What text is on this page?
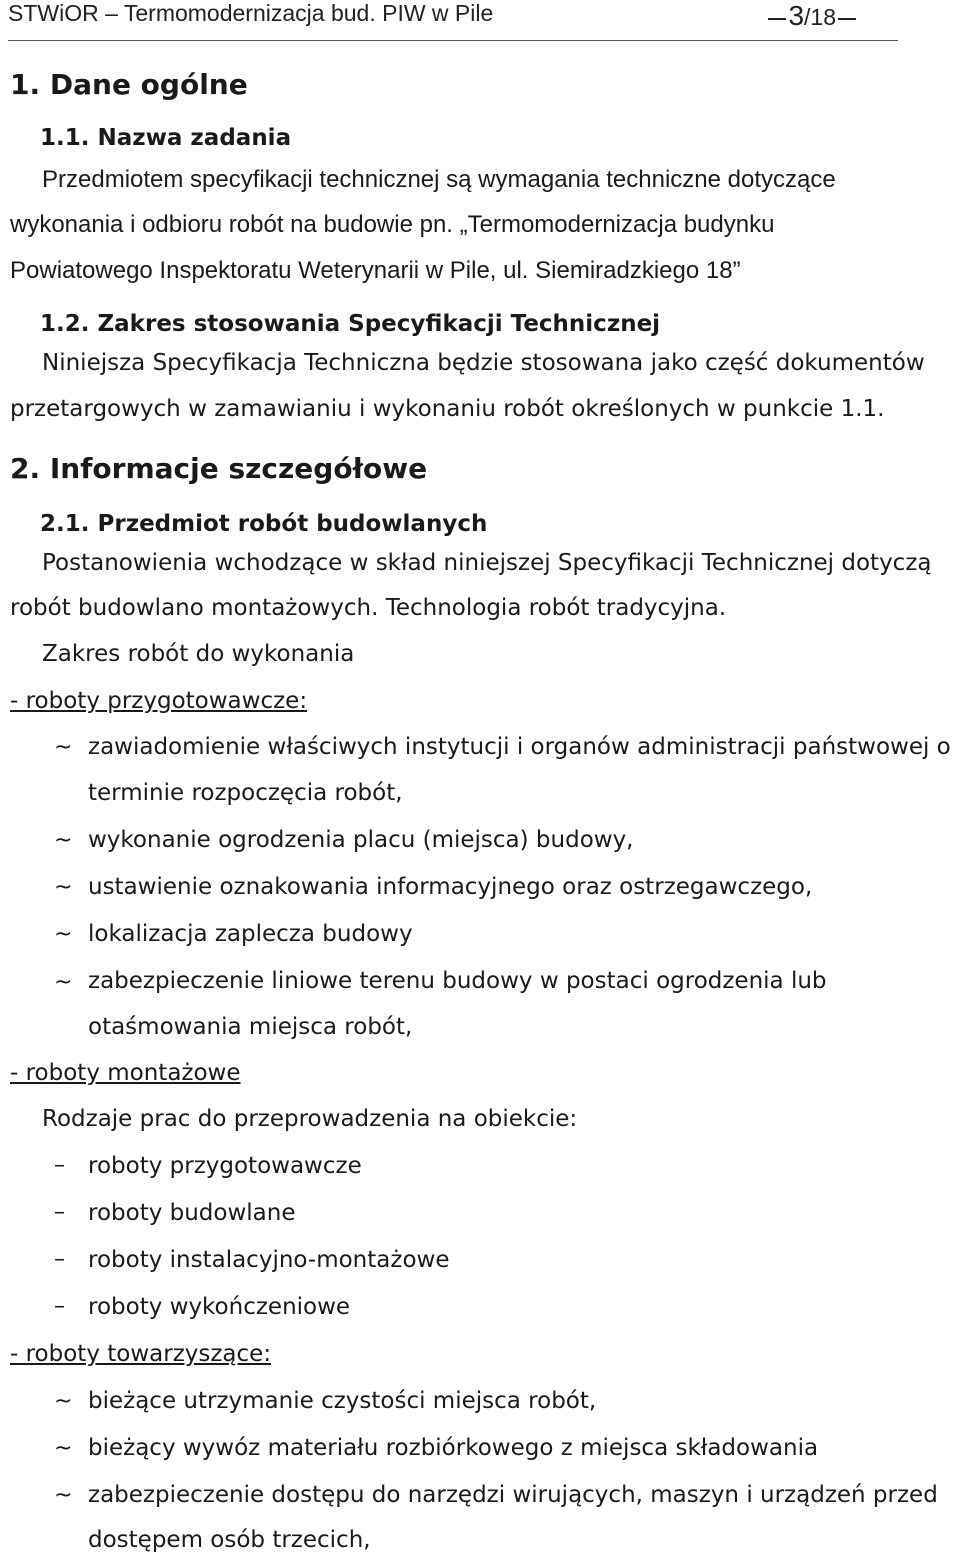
STWiOR – Termomodernizacja bud. PIW w Pile	3/18
1. Dane ogólne
1.1. Nazwa zadania
Przedmiotem specyfikacji technicznej są wymagania techniczne dotyczące
wykonania i odbioru robót na budowie pn. „Termomodernizacja budynku
Powiatowego Inspektoratu Weterynarii w Pile, ul. Siemiradzkiego 18”
1.2. Zakres stosowania Specyfikacji Technicznej
Niniejsza Specyfikacja Techniczna będzie stosowana jako część dokumentów
przetargowych w zamawianiu i wykonaniu robót określonych w punkcie 1.1.
2. Informacje szczegółowe
2.1. Przedmiot robót budowlanych
Postanowienia wchodzące w skład niniejszej Specyfikacji Technicznej dotyczą
robót budowlano montażowych. Technologia robót tradycyjna.
Zakres robót do wykonania
- roboty przygotowawcze:
~ zawiadomienie właściwych instytucji i organów administracji państwowej o
terminie rozpoczęcia robót,
~ wykonanie ogrodzenia placu (miejsca) budowy,
~ ustawienie oznakowania informacyjnego oraz ostrzegawczego,
~ lokalizacja zaplecza budowy
~ zabezpieczenie liniowe terenu budowy w postaci ogrodzenia lub
otaśmowania miejsca robót,
- roboty montażowe
Rodzaje prac do przeprowadzenia na obiekcie:
– roboty przygotowawcze
– roboty budowlane
– roboty instalacyjno-montażowe
– roboty wykończeniowe
- roboty towarzyszące:
~ bieżące utrzymanie czystości miejsca robót,
~ bieżący wywóz materiału rozbiórkowego z miejsca składowania
~ zabezpieczenie dostępu do narzędzi wirujących, maszyn i urządzeń przed
dostępem osób trzecich,
